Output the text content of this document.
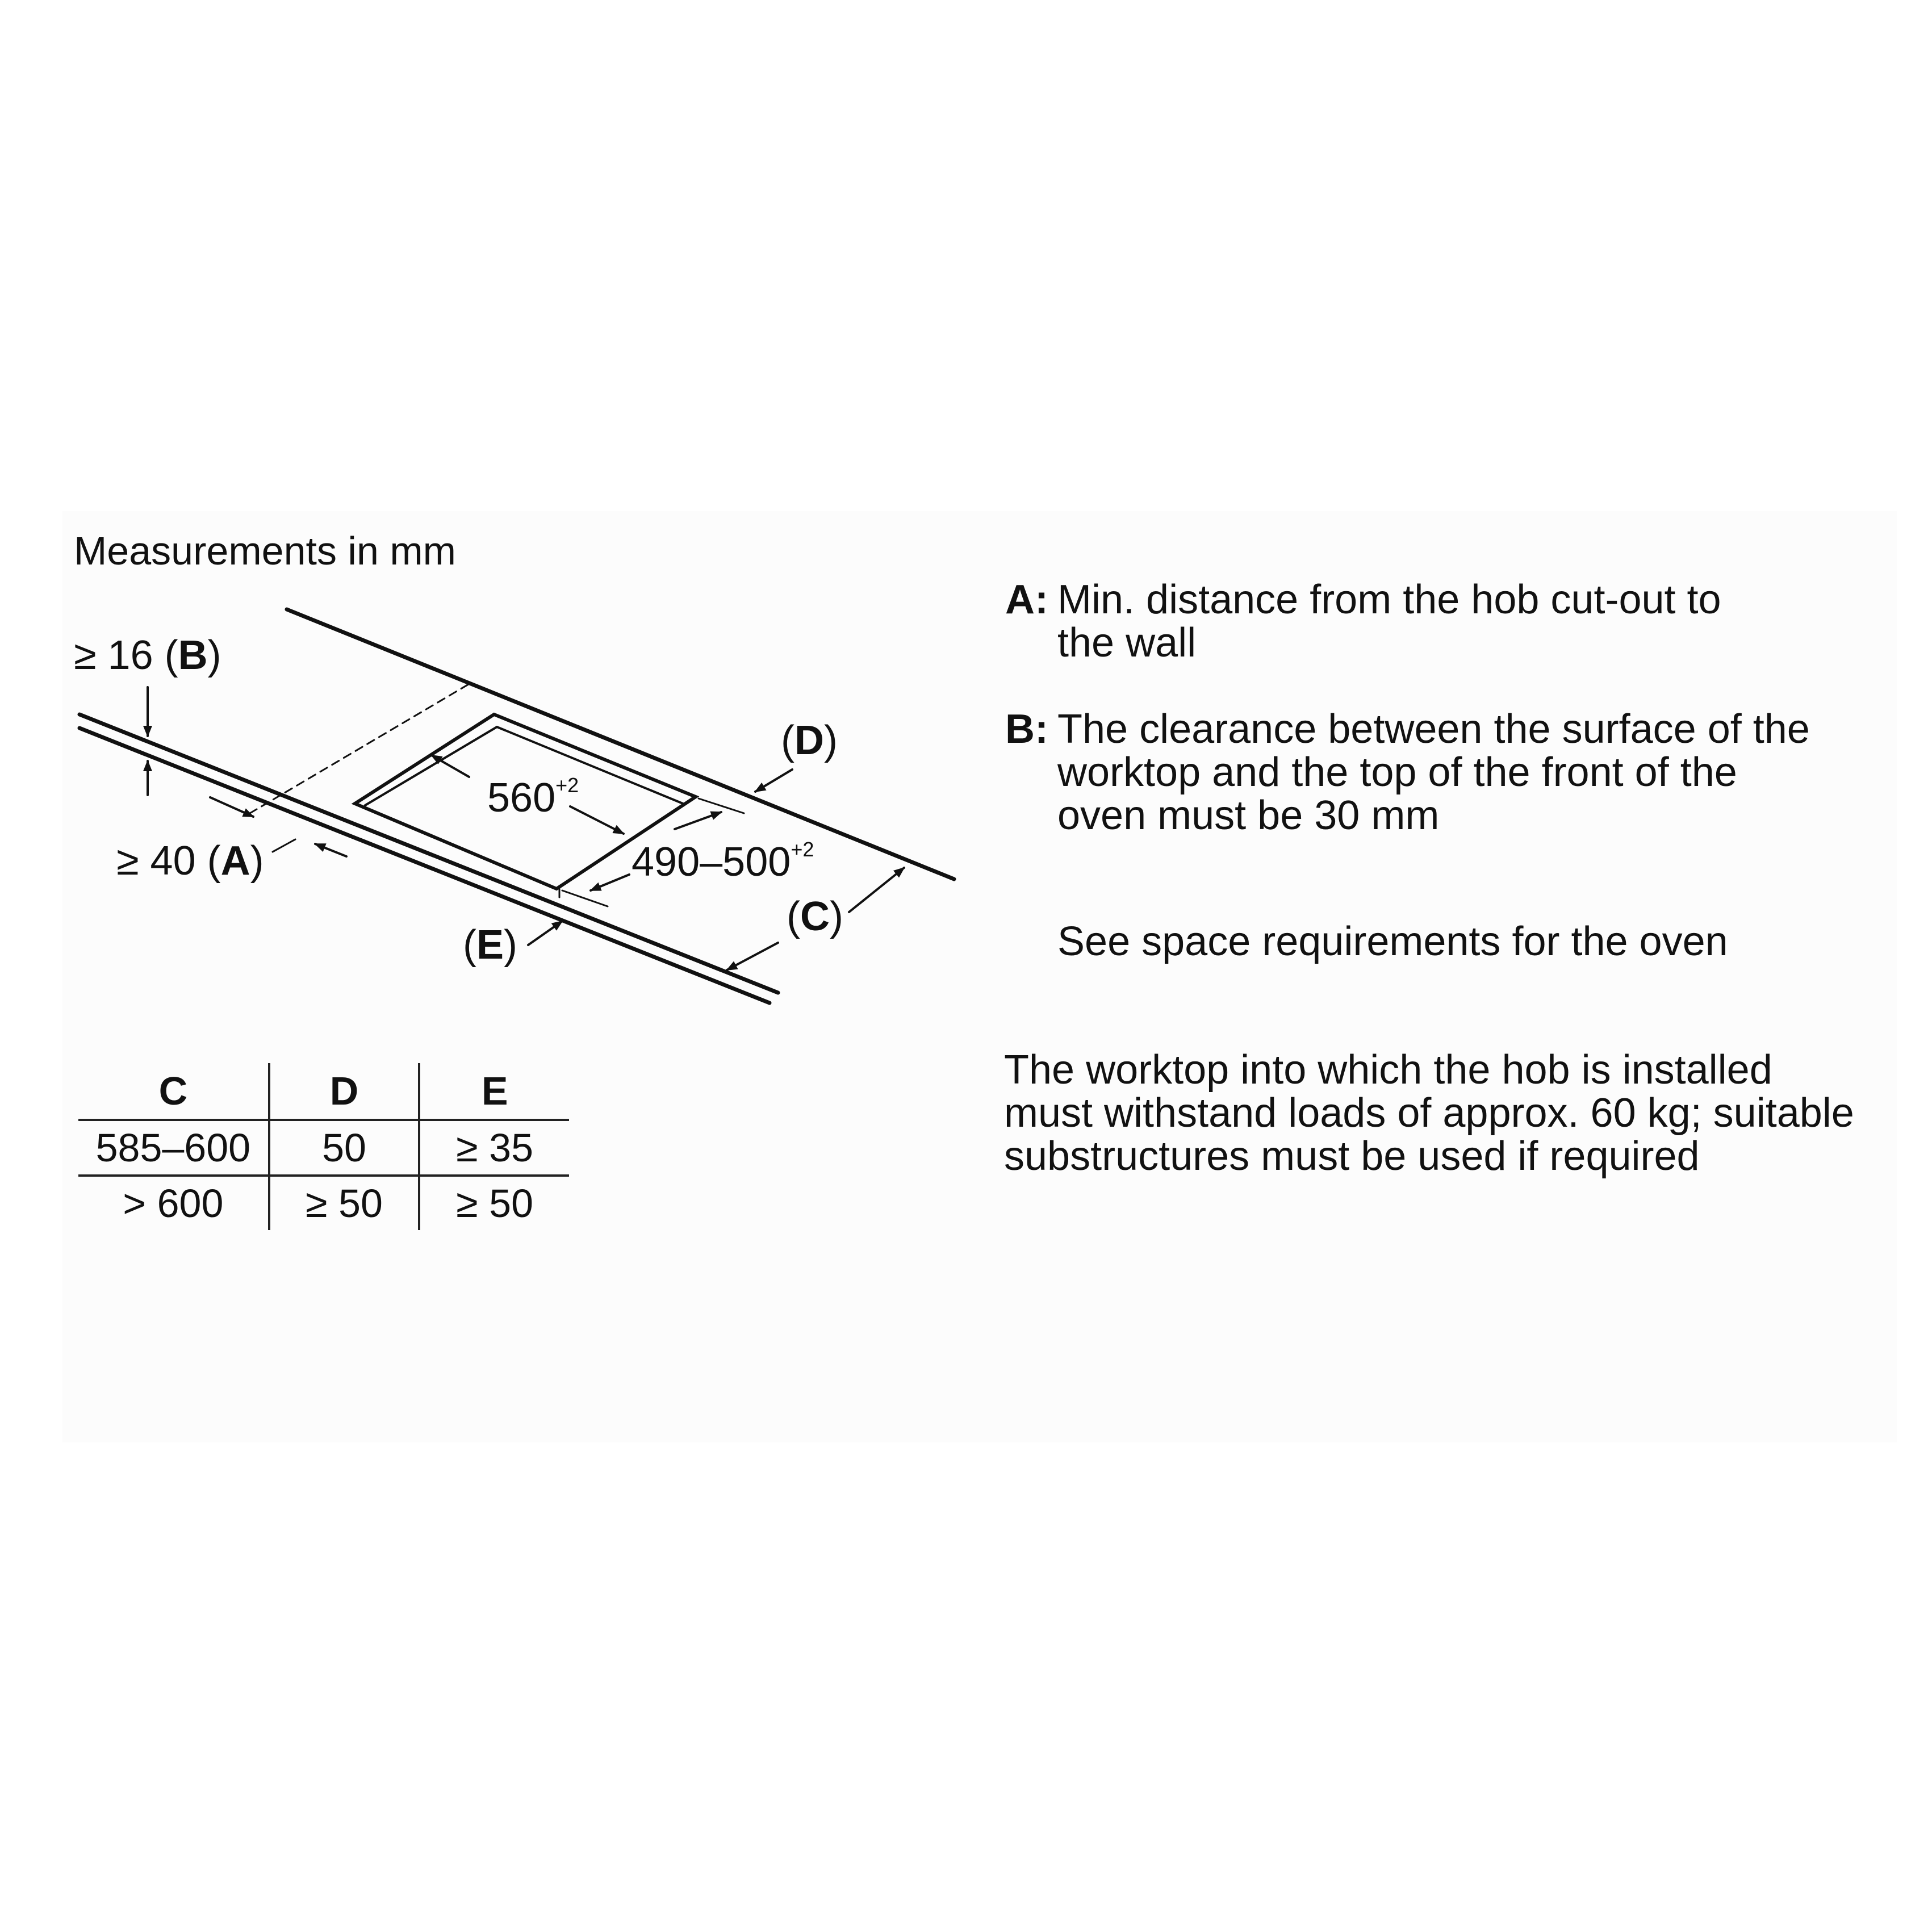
Measurements in mm
≥ 16 (B)
≥ 40 (A)
(E)
(C)
(D)
$560^{+2}$
$490-500^{+2}$
C	D	E
585–600	50	≥ 35
> 600	≥ 50	≥ 50
A: Min. distance from the hob cut-out to the wall
B: The clearance between the surface of the worktop and the top of the front of the oven must be 30 mm
See space requirements for the oven
The worktop into which the hob is installed must withstand loads of approx. 60 kg; suitable substructures must be used if required
